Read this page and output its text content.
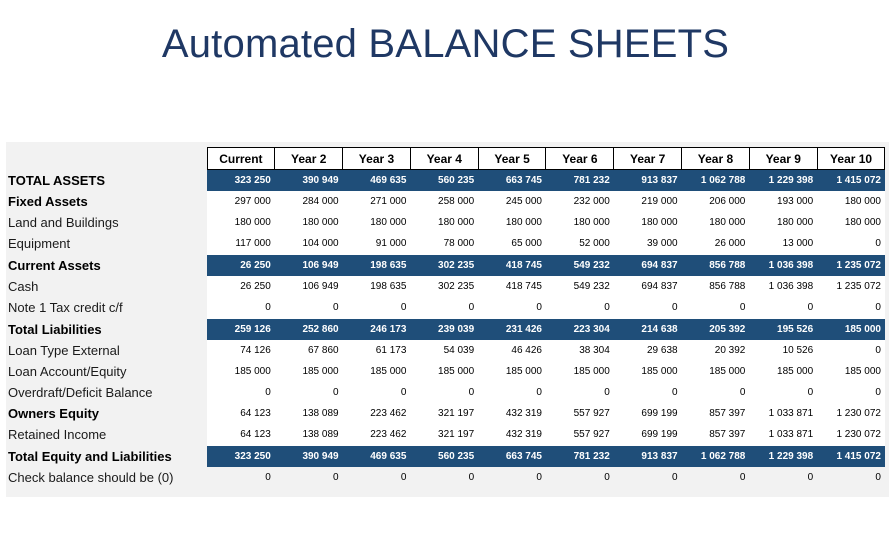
Automated BALANCE SHEETS
	Current	Year 2	Year 3	Year 4	Year 5	Year 6	Year 7	Year 8	Year 9	Year 10
TOTAL ASSETS	323 250	390 949	469 635	560 235	663 745	781 232	913 837	1 062 788	1 229 398	1 415 072
Fixed Assets	297 000	284 000	271 000	258 000	245 000	232 000	219 000	206 000	193 000	180 000
Land and Buildings	180 000	180 000	180 000	180 000	180 000	180 000	180 000	180 000	180 000	180 000
Equipment	117 000	104 000	91 000	78 000	65 000	52 000	39 000	26 000	13 000	0
Current Assets	26 250	106 949	198 635	302 235	418 745	549 232	694 837	856 788	1 036 398	1 235 072
Cash	26 250	106 949	198 635	302 235	418 745	549 232	694 837	856 788	1 036 398	1 235 072
Note 1 Tax credit c/f	0	0	0	0	0	0	0	0	0	0
Total Liabilities	259 126	252 860	246 173	239 039	231 426	223 304	214 638	205 392	195 526	185 000
Loan Type External	74 126	67 860	61 173	54 039	46 426	38 304	29 638	20 392	10 526	0
Loan Account/Equity	185 000	185 000	185 000	185 000	185 000	185 000	185 000	185 000	185 000	185 000
Overdraft/Deficit Balance	0	0	0	0	0	0	0	0	0	0
Owners Equity	64 123	138 089	223 462	321 197	432 319	557 927	699 199	857 397	1 033 871	1 230 072
Retained Income	64 123	138 089	223 462	321 197	432 319	557 927	699 199	857 397	1 033 871	1 230 072
Total Equity and Liabilities	323 250	390 949	469 635	560 235	663 745	781 232	913 837	1 062 788	1 229 398	1 415 072
Check balance should be (0)	0	0	0	0	0	0	0	0	0	0
